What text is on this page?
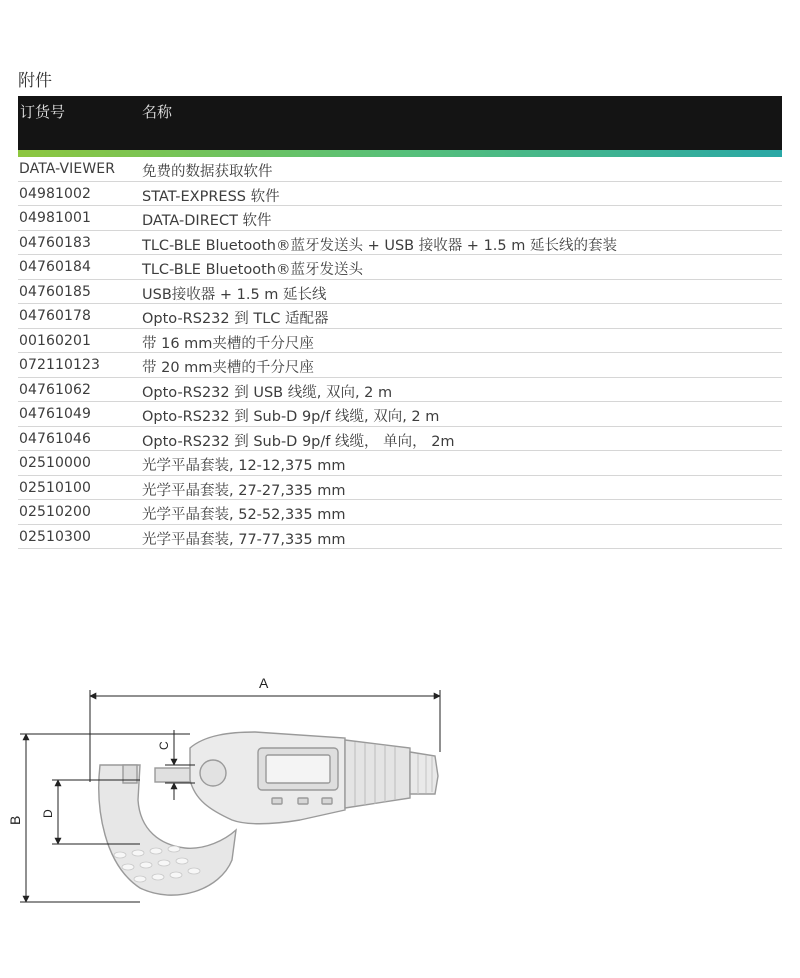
附件
订货号	名称
DATA-VIEWER 免费的数据获取软件
04981002	STAT-EXPRESS 软件
04981001	DATA-DIRECT 软件
04760183	TLC-BLE Bluetooth®蓝牙发送头 + USB 接收器 + 1.5 m 延长线的套装
04760184	TLC-BLE Bluetooth®蓝牙发送头
04760185	USB接收器 + 1.5 m 延长线
04760178	Opto-RS232 到 TLC 适配器
00160201	带 16 mm夹槽的千分尺座
072110123	带 20 mm夹槽的千分尺座
04761062	Opto-RS232 到 USB 线缆, 双向, 2 m
04761049	Opto-RS232 到 Sub-D 9p/f 线缆, 双向, 2 m
04761046	Opto-RS232 到 Sub-D 9p/f 线缆， 单向， 2m
02510000	光学平晶套装, 12-12,375 mm
02510100	光学平晶套装, 27-27,335 mm
02510200	光学平晶套装, 52-52,335 mm
02510300	光学平晶套装, 77-77,335 mm
A
B
C
D
